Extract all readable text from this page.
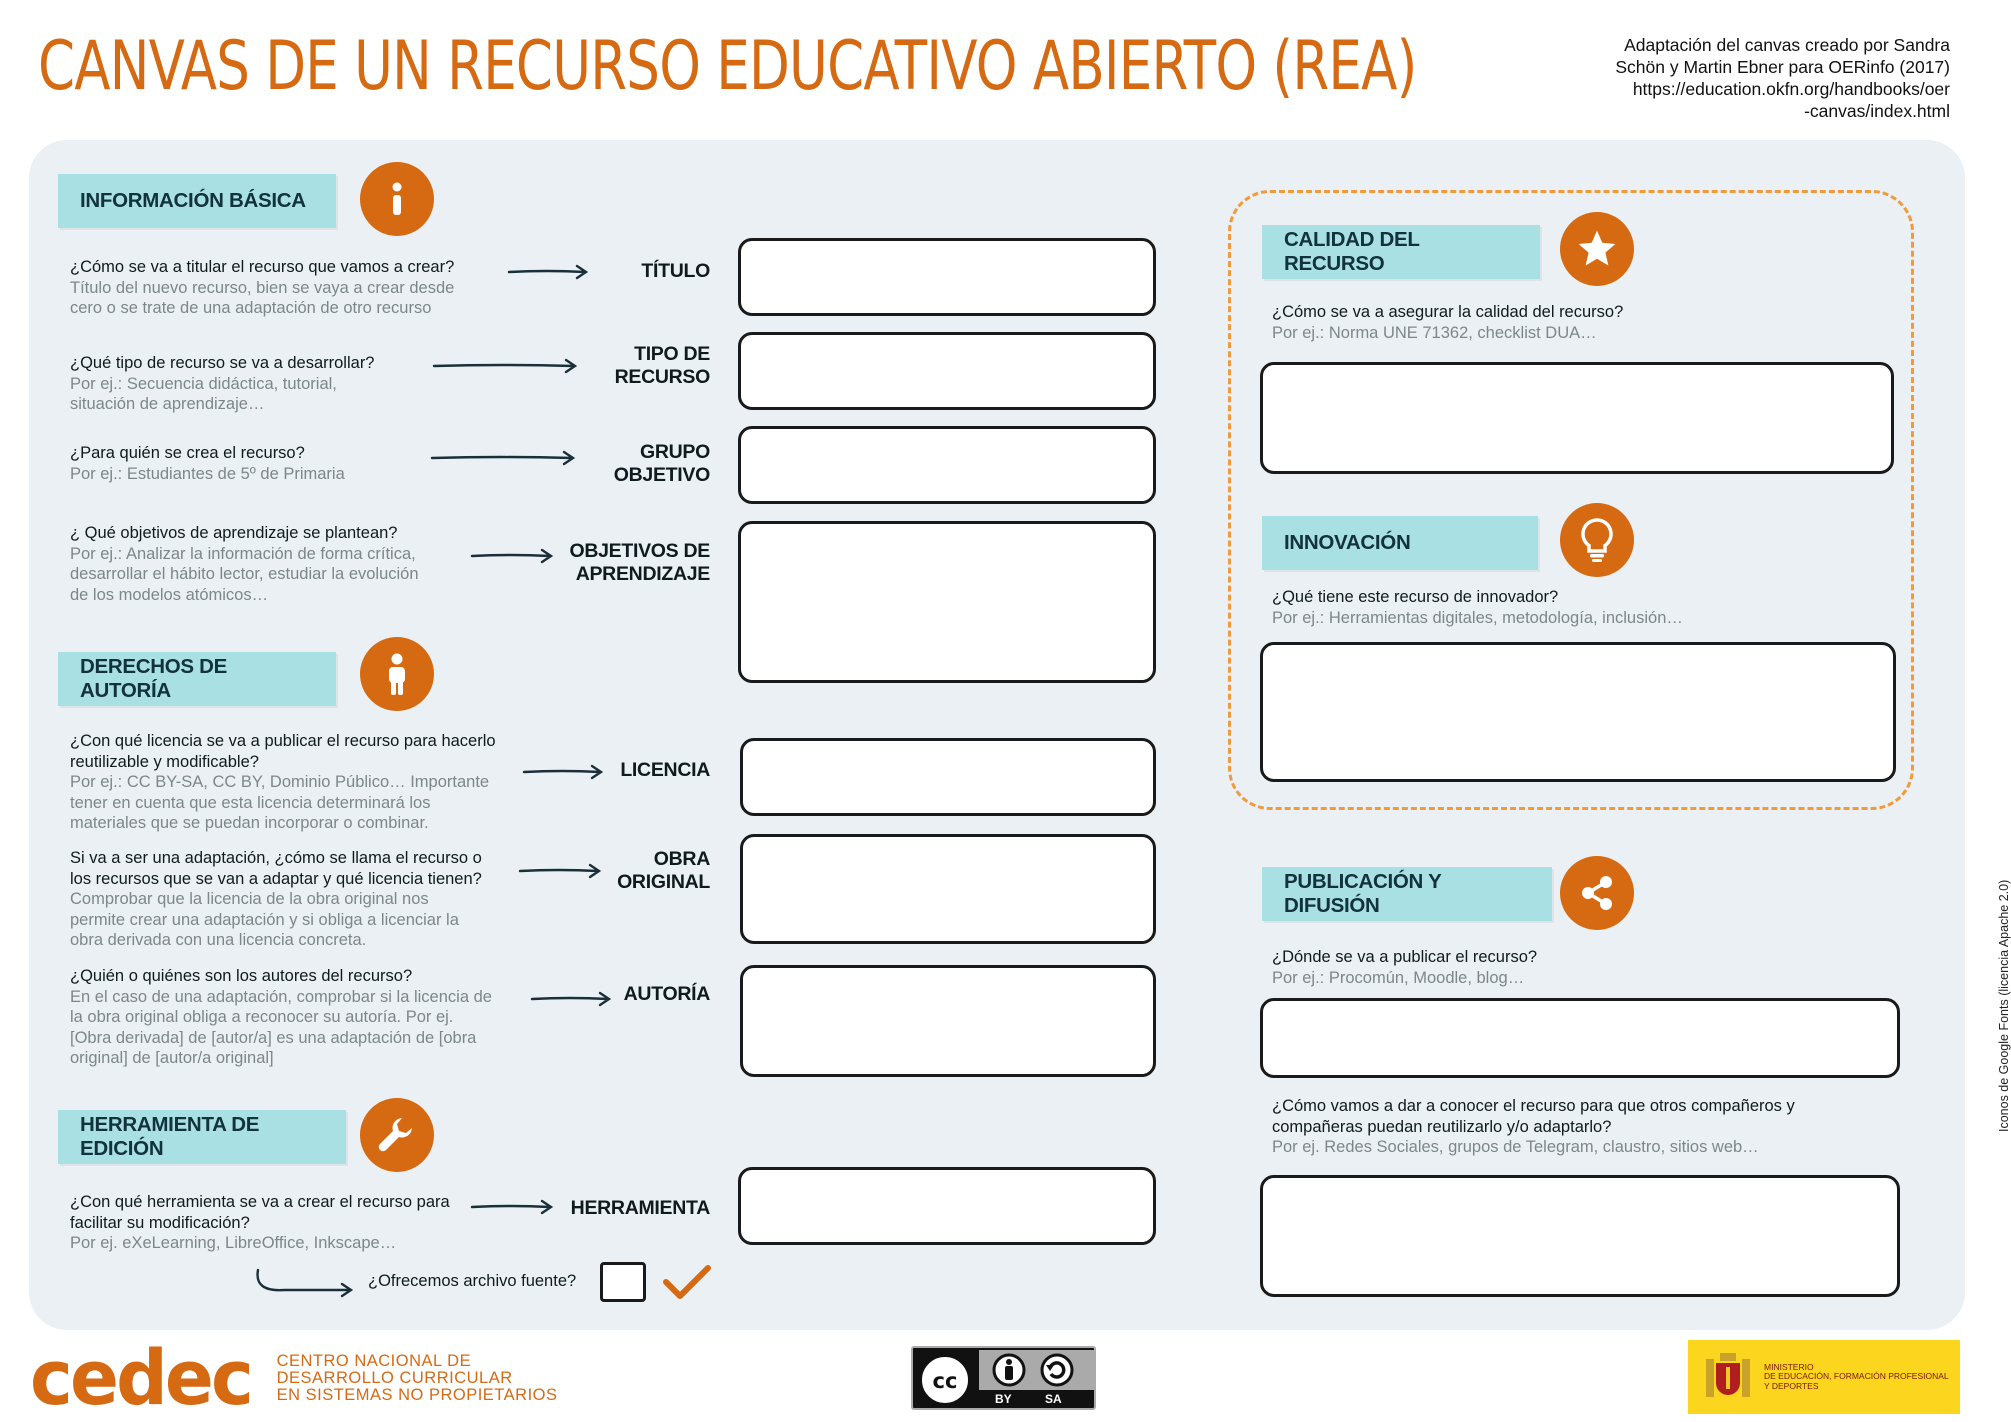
CANVAS DE UN RECURSO EDUCATIVO ABIERTO (REA)	Adaptación del canvas creado por Sandra
Schön y Martin Ebner para OERinfo (2017)
https://education.okfn.org/handbooks/oer
-canvas/index.html
INFORMACIÓN BÁSICA
¿Cómo se va a titular el recurso que vamos a crear?
Título del nuevo recurso, bien se vaya a crear desde
cero o se trate de una adaptación de otro recurso
TÍTULO
¿Qué tipo de recurso se va a desarrollar?
Por ej.: Secuencia didáctica, tutorial,
situación de aprendizaje…
TIPO DE
RECURSO
¿Para quién se crea el recurso?
Por ej.: Estudiantes de 5º de Primaria
GRUPO
OBJETIVO
¿ Qué objetivos de aprendizaje se plantean?
Por ej.: Analizar la información de forma crítica,
desarrollar el hábito lector, estudiar la evolución
de los modelos atómicos…
OBJETIVOS DE
APRENDIZAJE
DERECHOS DE AUTORÍA
¿Con qué licencia se va a publicar el recurso para hacerlo
reutilizable y modificable?
Por ej.: CC BY-SA, CC BY, Dominio Público… Importante
tener en cuenta que esta licencia determinará los
materiales que se puedan incorporar o combinar.
LICENCIA
Si va a ser una adaptación, ¿cómo se llama el recurso o
los recursos que se van a adaptar y qué licencia tienen?
Comprobar que la licencia de la obra original nos
permite crear una adaptación y si obliga a licenciar la
obra derivada con una licencia concreta.
OBRA
ORIGINAL
¿Quién o quiénes son los autores del recurso?
En el caso de una adaptación, comprobar si la licencia de
la obra original obliga a reconocer su autoría. Por ej.
[Obra derivada] de [autor/a] es una adaptación de [obra
original] de [autor/a original]
AUTORÍA
HERRAMIENTA DE EDICIÓN
¿Con qué herramienta se va a crear el recurso para
facilitar su modificación?
Por ej. eXeLearning, LibreOffice, Inkscape…
HERRAMIENTA
¿Ofrecemos archivo fuente?
CALIDAD DEL RECURSO
¿Cómo se va a asegurar la calidad del recurso?
Por ej.: Norma UNE 71362, checklist DUA…
INNOVACIÓN
¿Qué tiene este recurso de innovador?
Por ej.: Herramientas digitales, metodología, inclusión…
PUBLICACIÓN Y DIFUSIÓN
¿Dónde se va a publicar el recurso?
Por ej.: Procomún, Moodle, blog…
¿Cómo vamos a dar a conocer el recurso para que otros compañeros y
compañeras puedan reutilizarlo y/o adaptarlo?
Por ej. Redes Sociales, grupos de Telegram, claustro, sitios web…
cedec CENTRO NACIONAL DE
DESARROLLO CURRICULAR
EN SISTEMAS NO PROPIETARIOS
cc
BY	SA
MINISTERIO
DE EDUCACIÓN, FORMACIÓN PROFESIONAL
Y DEPORTES
Iconos de Google Fonts (licencia Apache 2.0)
